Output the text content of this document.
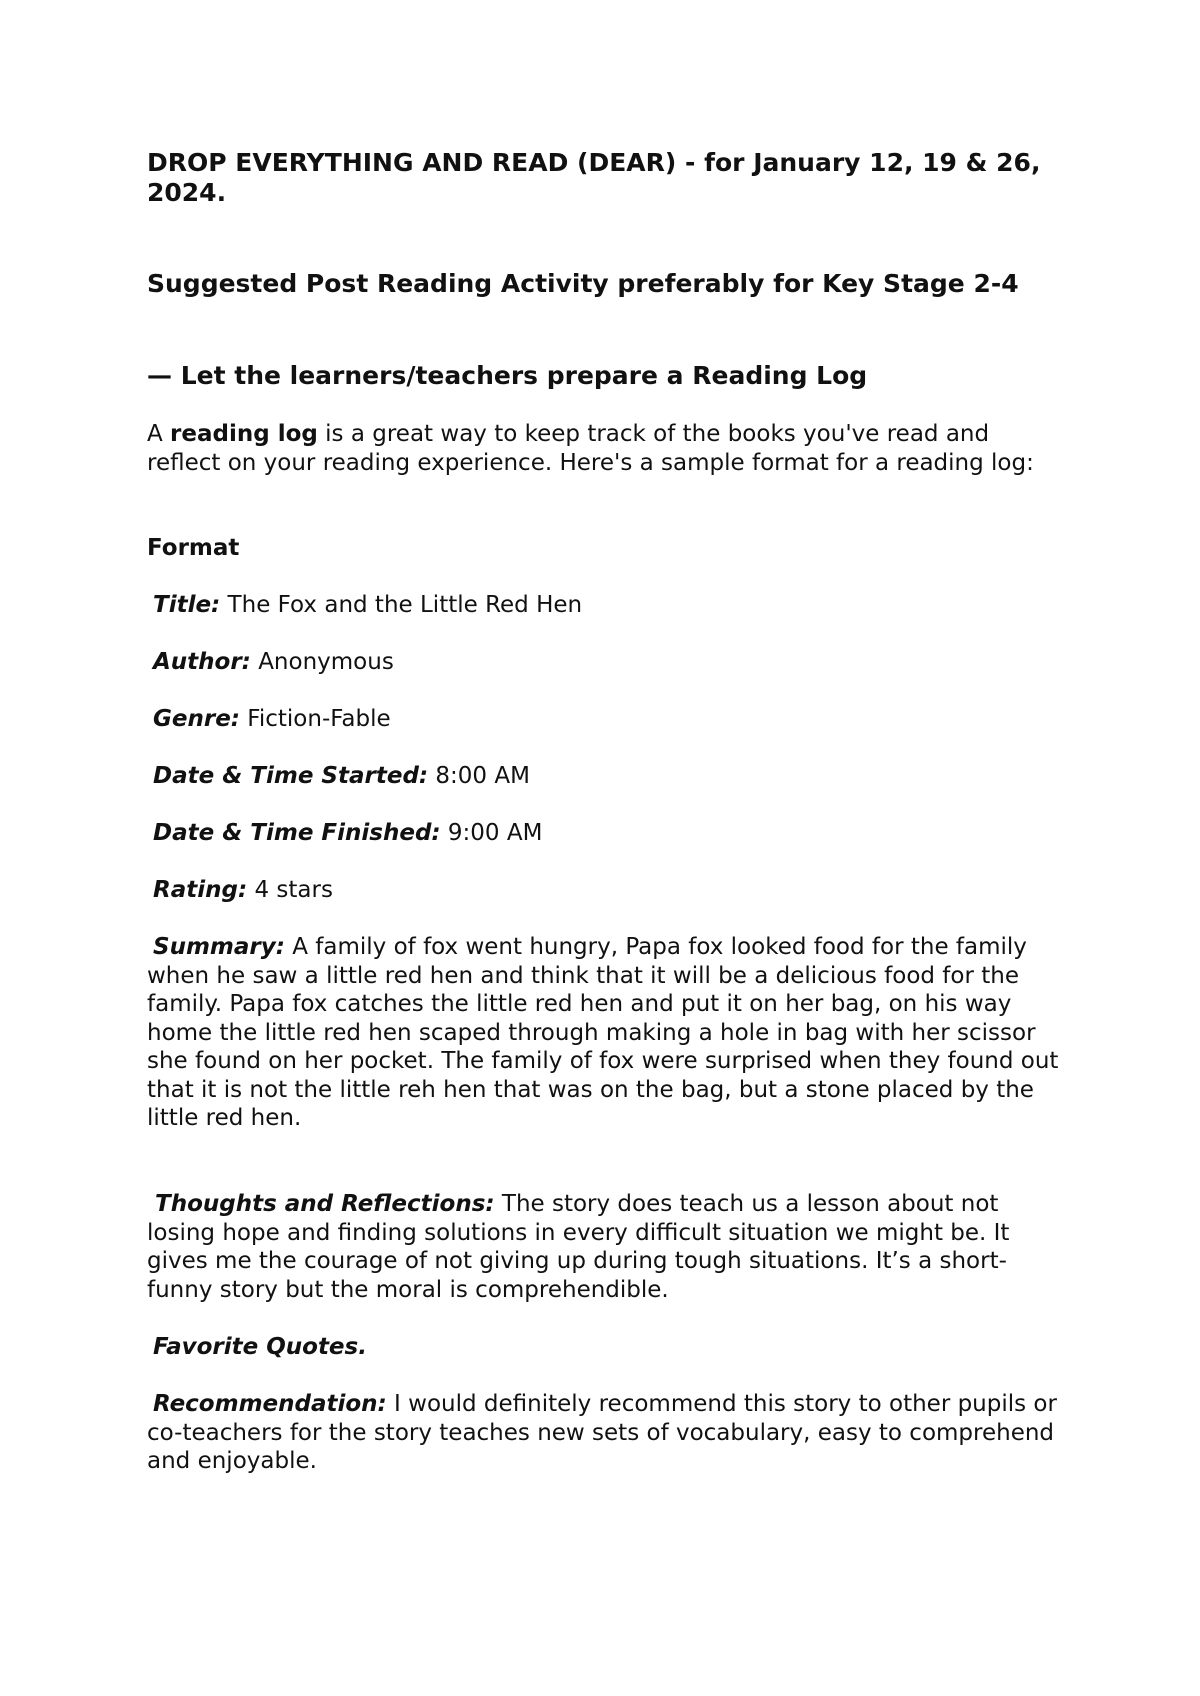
DROP EVERYTHING AND READ (DEAR) - for January 12, 19 & 26, 2024.

Suggested Post Reading Activity preferably for Key Stage 2-4

— Let the learners/teachers prepare a Reading Log

A reading log is a great way to keep track of the books you've read and reflect on your reading experience. Here's a sample format for a reading log:

Format

Title: The Fox and the Little Red Hen

Author: Anonymous

Genre: Fiction-Fable

Date & Time Started: 8:00 AM

Date & Time Finished: 9:00 AM

Rating: 4 stars

Summary: A family of fox went hungry, Papa fox looked food for the family when he saw a little red hen and think that it will be a delicious food for the family. Papa fox catches the little red hen and put it on her bag, on his way home the little red hen scaped through making a hole in bag with her scissor she found on her pocket. The family of fox were surprised when they found out that it is not the little reh hen that was on the bag, but a stone placed by the little red hen.

Thoughts and Reflections: The story does teach us a lesson about not losing hope and finding solutions in every difficult situation we might be. It gives me the courage of not giving up during tough situations. It’s a short-funny story but the moral is comprehendible.

Favorite Quotes.

Recommendation: I would definitely recommend this story to other pupils or co-teachers for the story teaches new sets of vocabulary, easy to comprehend and enjoyable.
